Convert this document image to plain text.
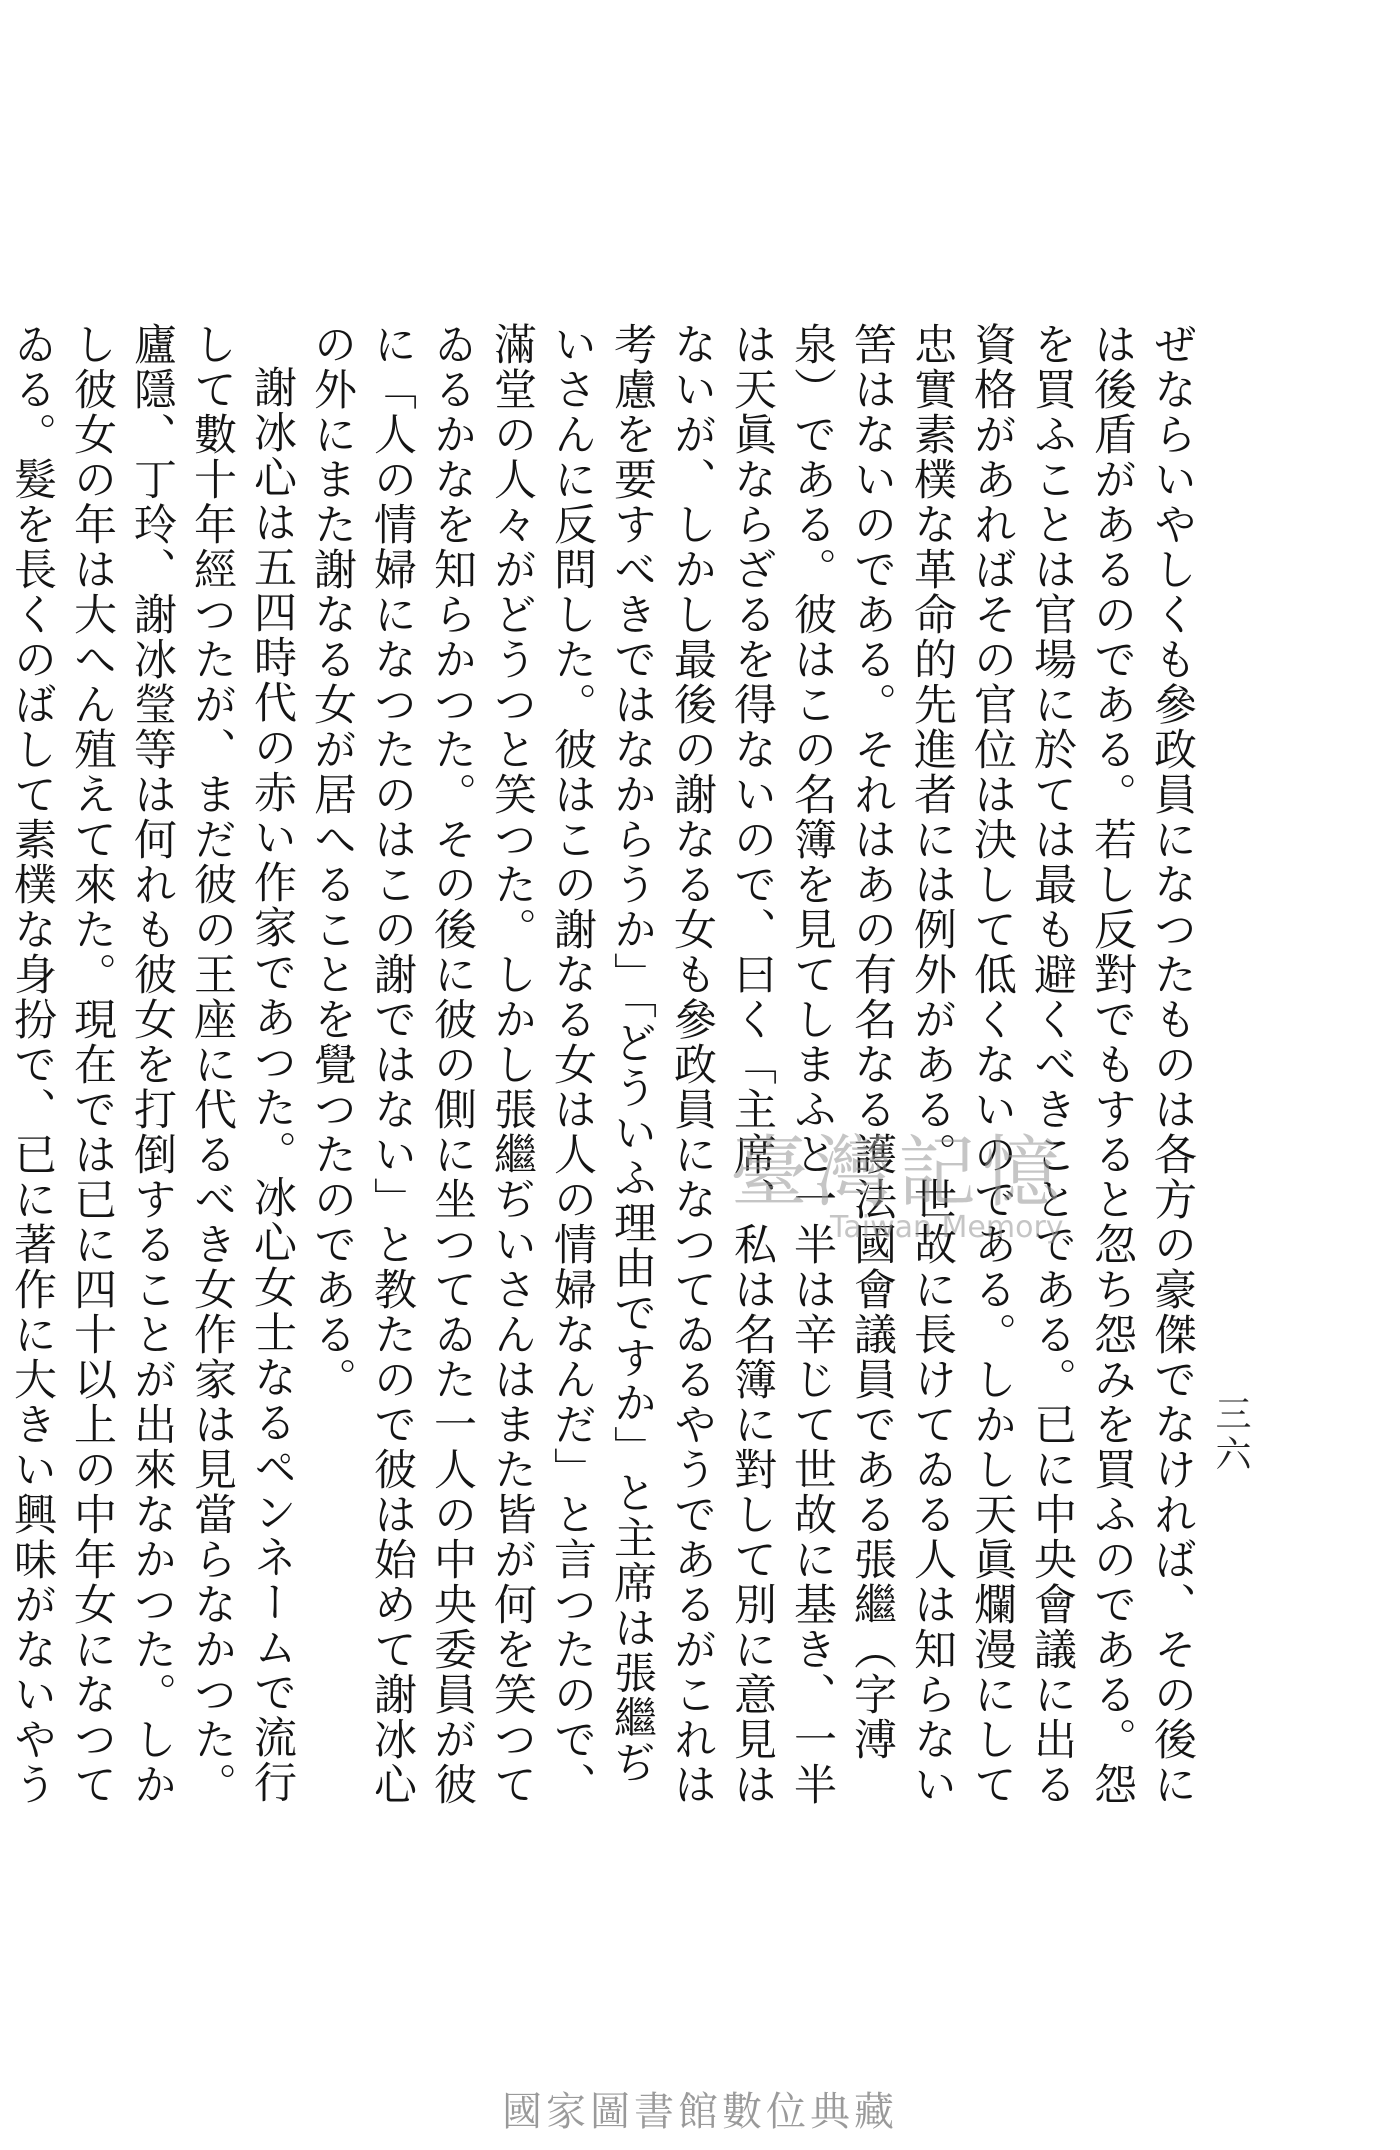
三六

ぜならいやしくも參政員になつたものは各方の豪傑でなければ、その後には後盾があるのである。若し反對でもすると忽ち怨みを買ふのである。怨を買ふことは官場に於ては最も避くべきことである。已に中央會議に出る資格があればその官位は決して低くないのである。しかし天眞爛漫にして忠實素樸な革命的先進者には例外がある。世故に長けてゐる人は知らない筈はないのである。それはあの有名なる護法國會議員である張繼（字溥泉）である。彼はこの名簿を見てしまふと一半は辛じて世故に基き、一半は天眞ならざるを得ないので、曰く「主席、私は名簿に對して別に意見はないが、しかし最後の謝なる女も參政員になつてゐるやうであるがこれは考慮を要すべきではなからうか」「どういふ理由ですか」と主席は張繼ぢいさんに反問した。彼はこの謝なる女は人の情婦なんだ」と言つたので、滿堂の人々がどうつと笑つた。しかし張繼ぢいさんはまた皆が何を笑つてゐるかなを知らかつた。その後に彼の側に坐つてゐた一人の中央委員が彼に「人の情婦になつたのはこの謝ではない」と教たので彼は始めて謝冰心の外にまた謝なる女が居へることを覺つたのである。

謝冰心は五四時代の赤い作家であつた。冰心女士なるペンネームで流行して數十年經つたが、まだ彼の王座に代るべき女作家は見當らなかつた。廬隱、丁玲、謝冰瑩等は何れも彼女を打倒することが出來なかつた。しかし彼女の年は大へん殖えて來た。現在では已に四十以上の中年女になつてゐる。髮を長くのばして素樸な身扮で、已に著作に大きい興味がないやう

臺灣記憶
Taiwan Memory
國家圖書館數位典藏
